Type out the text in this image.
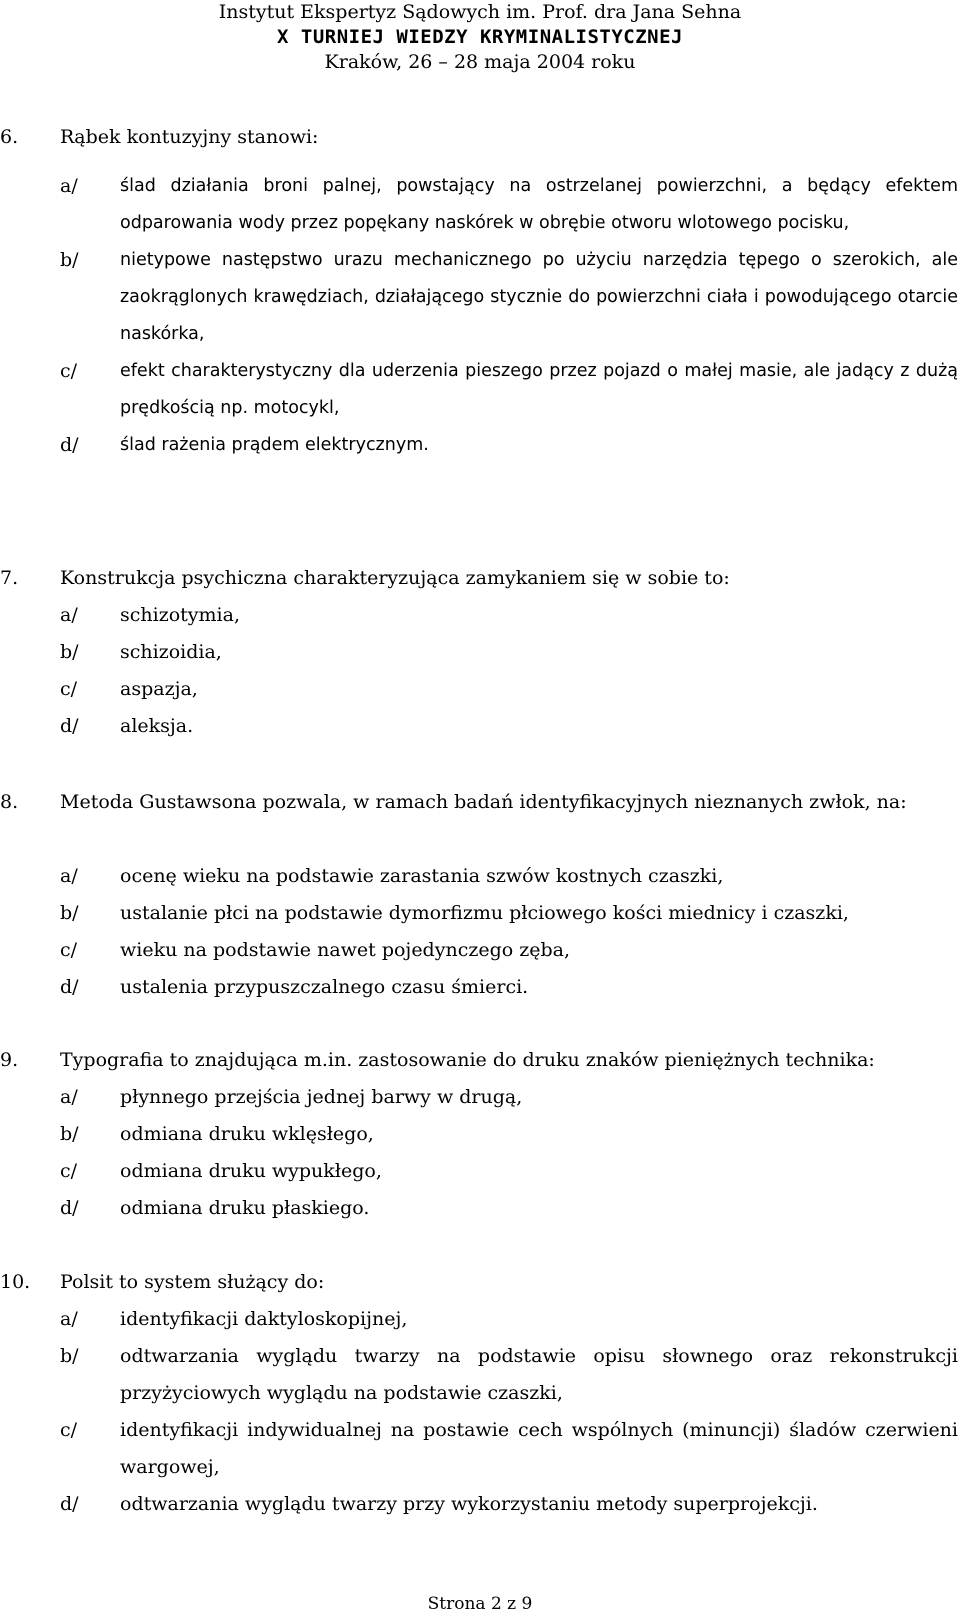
Instytut Ekspertyz Sądowych im. Prof. dra Jana Sehna
X TURNIEJ WIEDZY KRYMINALISTYCZNEJ
Kraków, 26 – 28 maja 2004 roku
6. Rąbek kontuzyjny stanowi:
a/ ślad działania broni palnej, powstający na ostrzelanej powierzchni, a będący efektem odparowania wody przez popękany naskórek w obrębie otworu wlotowego pocisku,
b/ nietypowe następstwo urazu mechanicznego po użyciu narzędzia tępego o szerokich, ale zaokrąglonych krawędziach, działającego stycznie do powierzchni ciała i powodującego otarcie naskórka,
c/ efekt charakterystyczny dla uderzenia pieszego przez pojazd o małej masie, ale jadący z dużą prędkością np. motocykl,
d/ ślad rażenia prądem elektrycznym.
7. Konstrukcja psychiczna charakteryzująca zamykaniem się w sobie to:
a/ schizotymia,
b/ schizoidia,
c/ aspazja,
d/ aleksja.
8. Metoda Gustawsona pozwala, w ramach badań identyfikacyjnych nieznanych zwłok, na:
a/ ocenę wieku na podstawie zarastania szwów kostnych czaszki,
b/ ustalanie płci na podstawie dymorfizmu płciowego kości miednicy i czaszki,
c/ wieku na podstawie nawet pojedynczego zęba,
d/ ustalenia przypuszczalnego czasu śmierci.
9. Typografia to znajdująca m.in. zastosowanie do druku znaków pieniężnych technika:
a/ płynnego przejścia jednej barwy w drugą,
b/ odmiana druku wklęsłego,
c/ odmiana druku wypukłego,
d/ odmiana druku płaskiego.
10. Polsit to system służący do:
a/ identyfikacji daktyloskopijnej,
b/ odtwarzania wyglądu twarzy na podstawie opisu słownego oraz rekonstrukcji przyżyciowych wyglądu na podstawie czaszki,
c/ identyfikacji indywidualnej na postawie cech wspólnych (minuncji) śladów czerwieni wargowej,
d/ odtwarzania wyglądu twarzy przy wykorzystaniu metody superprojekcji.
Strona 2 z 9
